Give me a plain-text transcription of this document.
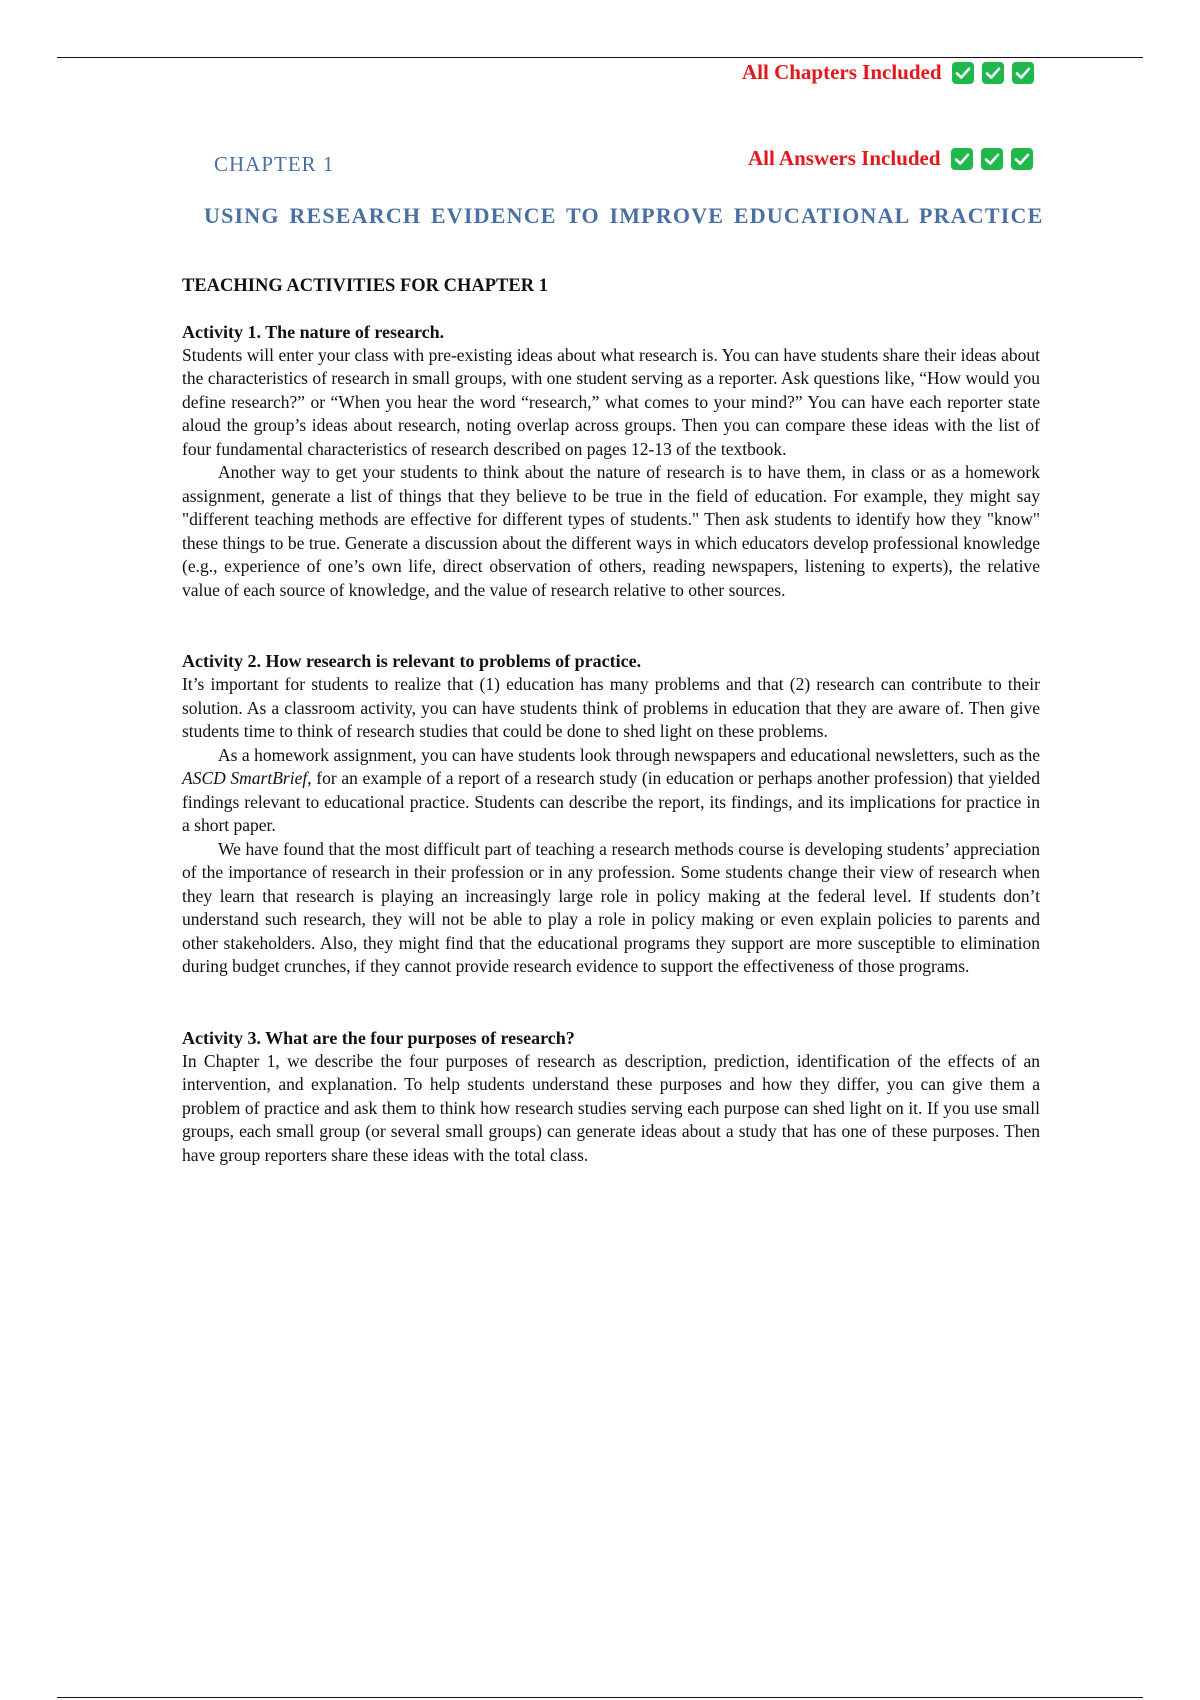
All Chapters Included
CHAPTER 1	All Answers Included
USING RESEARCH EVIDENCE TO IMPROVE EDUCATIONAL PRACTICE
TEACHING ACTIVITIES FOR CHAPTER 1
Activity 1. The nature of research.

Students will enter your class with pre-existing ideas about what research is. You can have students share their ideas about the characteristics of research in small groups, with one student serving as a reporter. Ask questions like, “How would you define research?” or “When you hear the word “research,” what comes to your mind?” You can have each reporter state aloud the group’s ideas about research, noting overlap across groups. Then you can compare these ideas with the list of four fundamental characteristics of research described on pages 12-13 of the textbook.

Another way to get your students to think about the nature of research is to have them, in class or as a homework assignment, generate a list of things that they believe to be true in the field of education. For example, they might say "different teaching methods are effective for different types of students." Then ask students to identify how they "know" these things to be true. Generate a discussion about the different ways in which educators develop professional knowledge (e.g., experience of one’s own life, direct observation of others, reading newspapers, listening to experts), the relative value of each source of knowledge, and the value of research relative to other sources.

Activity 2. How research is relevant to problems of practice.

It’s important for students to realize that (1) education has many problems and that (2) research can contribute to their solution. As a classroom activity, you can have students think of problems in education that they are aware of. Then give students time to think of research studies that could be done to shed light on these problems.

As a homework assignment, you can have students look through newspapers and educational newsletters, such as the ASCD SmartBrief, for an example of a report of a research study (in education or perhaps another profession) that yielded findings relevant to educational practice. Students can describe the report, its findings, and its implications for practice in a short paper.

We have found that the most difficult part of teaching a research methods course is developing students’ appreciation of the importance of research in their profession or in any profession. Some students change their view of research when they learn that research is playing an increasingly large role in policy making at the federal level. If students don’t understand such research, they will not be able to play a role in policy making or even explain policies to parents and other stakeholders. Also, they might find that the educational programs they support are more susceptible to elimination during budget crunches, if they cannot provide research evidence to support the effectiveness of those programs.

Activity 3. What are the four purposes of research?

In Chapter 1, we describe the four purposes of research as description, prediction, identification of the effects of an intervention, and explanation. To help students understand these purposes and how they differ, you can give them a problem of practice and ask them to think how research studies serving each purpose can shed light on it. If you use small groups, each small group (or several small groups) can generate ideas about a study that has one of these purposes. Then have group reporters share these ideas with the total class.
